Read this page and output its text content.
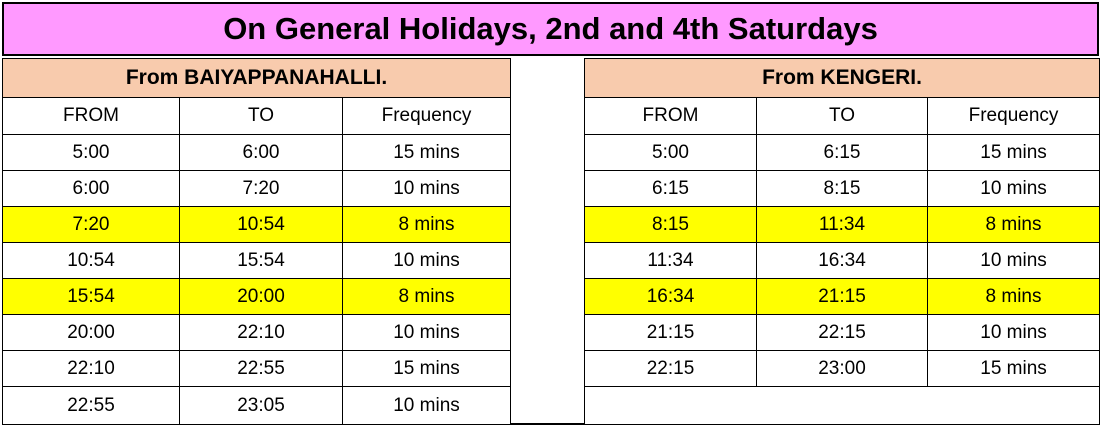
On General Holidays, 2nd and 4th Saturdays
From BAIYAPPANAHALLI.		
FROM	TO	Frequency
5:00	6:00	15 mins
6:00	7:20	10 mins
7:20	10:54	8 mins
10:54	15:54	10 mins
15:54	20:00	8 mins
20:00	22:10	10 mins
22:10	22:55	15 mins
22:55	23:05	10 mins
From KENGERI.		
FROM	TO	Frequency
5:00	6:15	15 mins
6:15	8:15	10 mins
8:15	11:34	8 mins
11:34	16:34	10 mins
16:34	21:15	8 mins
21:15	22:15	10 mins
22:15	23:00	15 mins
